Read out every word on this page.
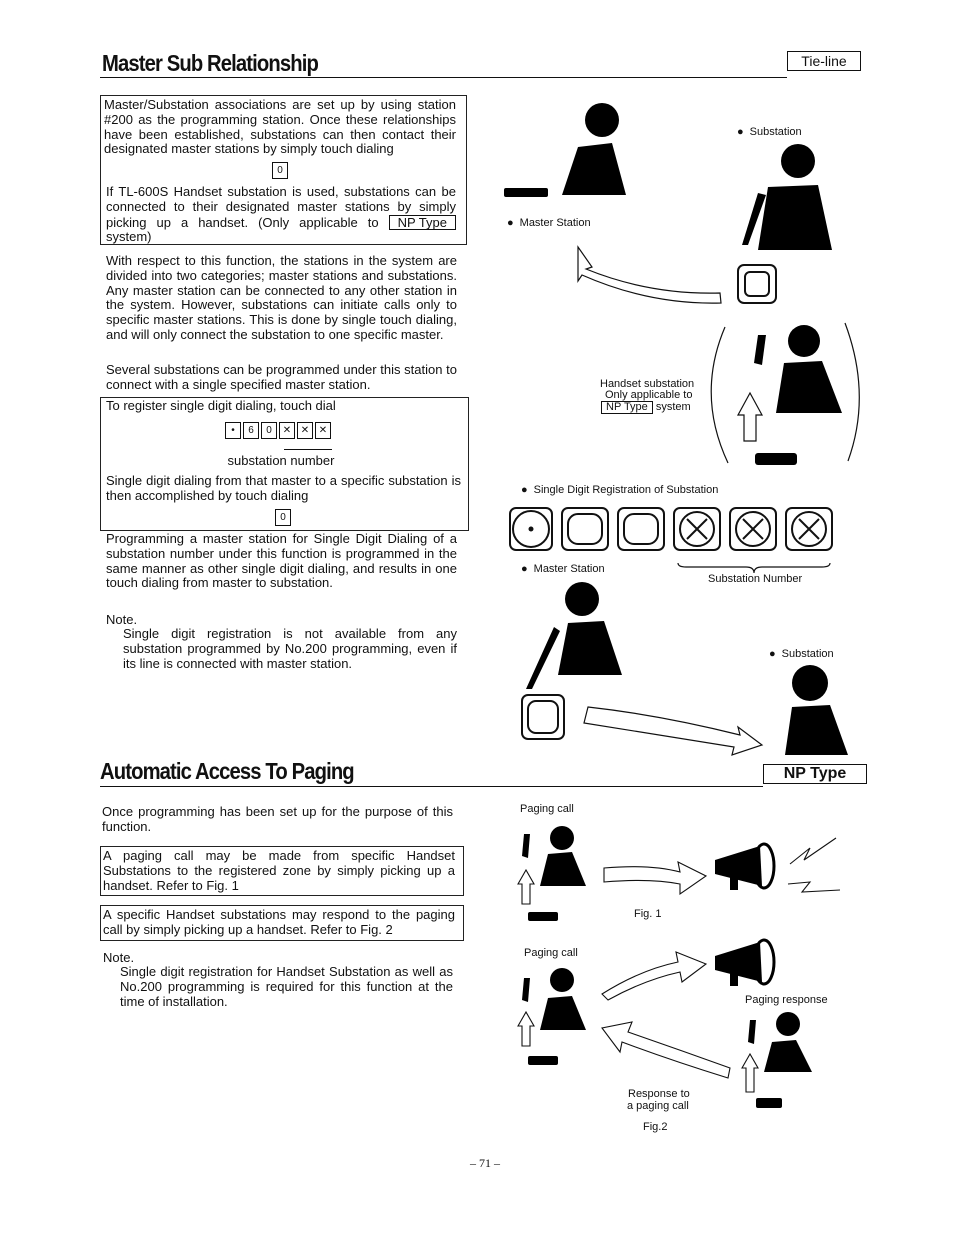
Master Sub Relationship	Tie-line
Master/Substation associations are set up by using station #200 as the programming station. Once these relationships have been established, substations can then contact their designated master stations by simply touch dialing
0
If TL-600S Handset substation is used, substations can be connected to their designated master stations by simply picking up a handset. (Only applicable to NP Type system)
With respect to this function, the stations in the system are divided into two categories; master stations and substations. Any master station can be connected to any other station in the system. However, substations can initiate calls only to specific master stations. This is done by single touch dialing, and will only connect the substation to one specific master.
Several substations can be programmed under this station to connect with a single specified master station.
To register single digit dialing, touch dial
• 6 0 ✕ ✕ ✕
substation number
Single digit dialing from that master to a specific substation is then accomplished by touch dialing
0
Programming a master station for Single Digit Dialing of a substation number under this function is programmed in the same manner as other single digit dialing, and results in one touch dialing from master to substation.
Note.
Single digit registration is not available from any substation programmed by No.200 programming, even if its line is connected with master station.
● Substation
● Master Station
Handset substation
Only applicable to
NP Type system
● Single Digit Registration of Substation
● Master Station
Substation Number
● Substation
Automatic Access To Paging	NP Type
Once programming has been set up for the purpose of this function.
A paging call may be made from specific Handset Substations to the registered zone by simply picking up a handset. Refer to Fig. 1
A specific Handset substations may respond to the paging call by simply picking up a handset. Refer to Fig. 2
Note.
Single digit registration for Handset Substation as well as No.200 programming is required for this function at the time of installation.
Paging call
Fig. 1
Paging call
Paging response
Response to
a paging call
Fig.2
– 71 –
